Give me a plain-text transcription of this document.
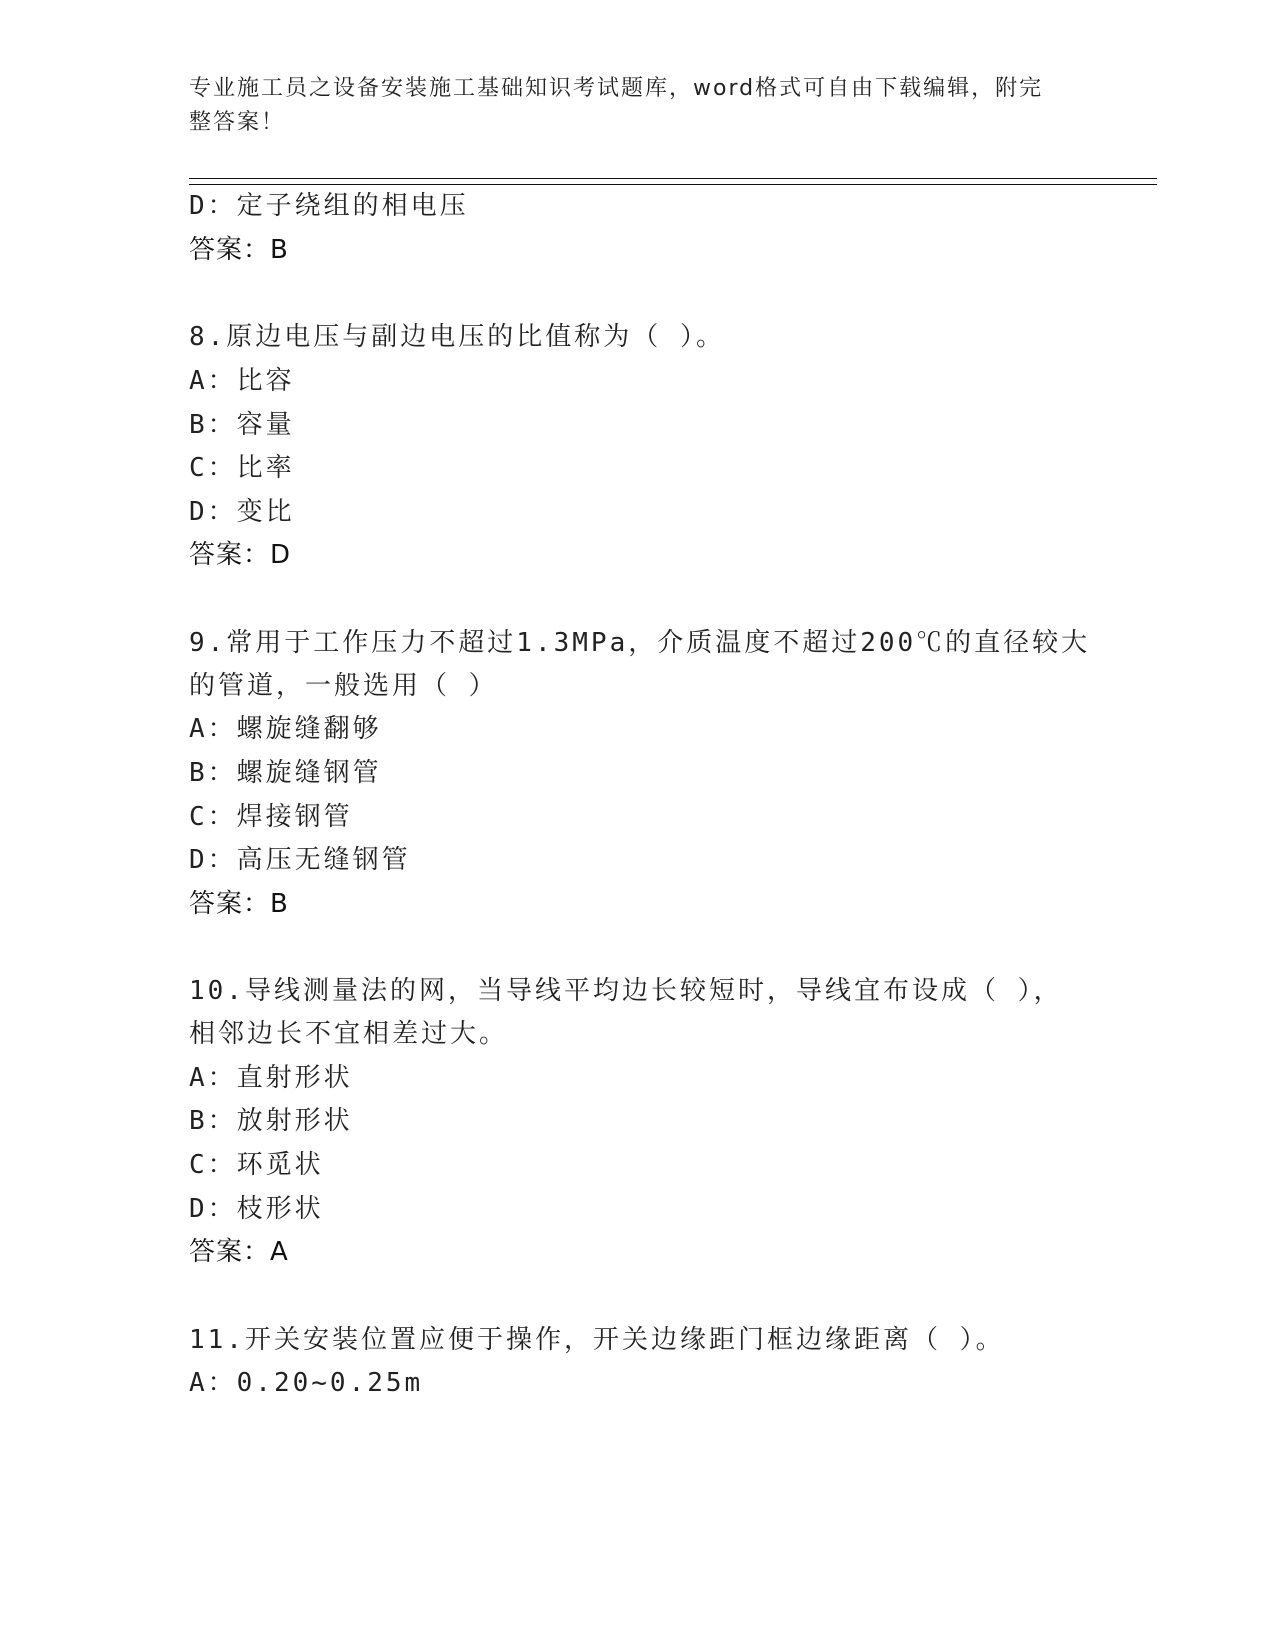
专业施工员之设备安装施工基础知识考试题库，word格式可自由下载编辑，附完
整答案！
D：定子绕组的相电压
答案：B
8.原边电压与副边电压的比值称为（ ）。
A：比容
B：容量
C：比率
D：变比
答案：D
9.常用于工作压力不超过1.3MPa，介质温度不超过200℃的直径较大
的管道，一般选用（ ）
A：螺旋缝翻够
B：螺旋缝钢管
C：焊接钢管
D：高压无缝钢管
答案：B
10.导线测量法的网，当导线平均边长较短时，导线宜布设成（ ），
相邻边长不宜相差过大。
A：直射形状
B：放射形状
C：环觅状
D：枝形状
答案：A
11.开关安装位置应便于操作，开关边缘距门框边缘距离（ ）。
A：0.20~0.25m
